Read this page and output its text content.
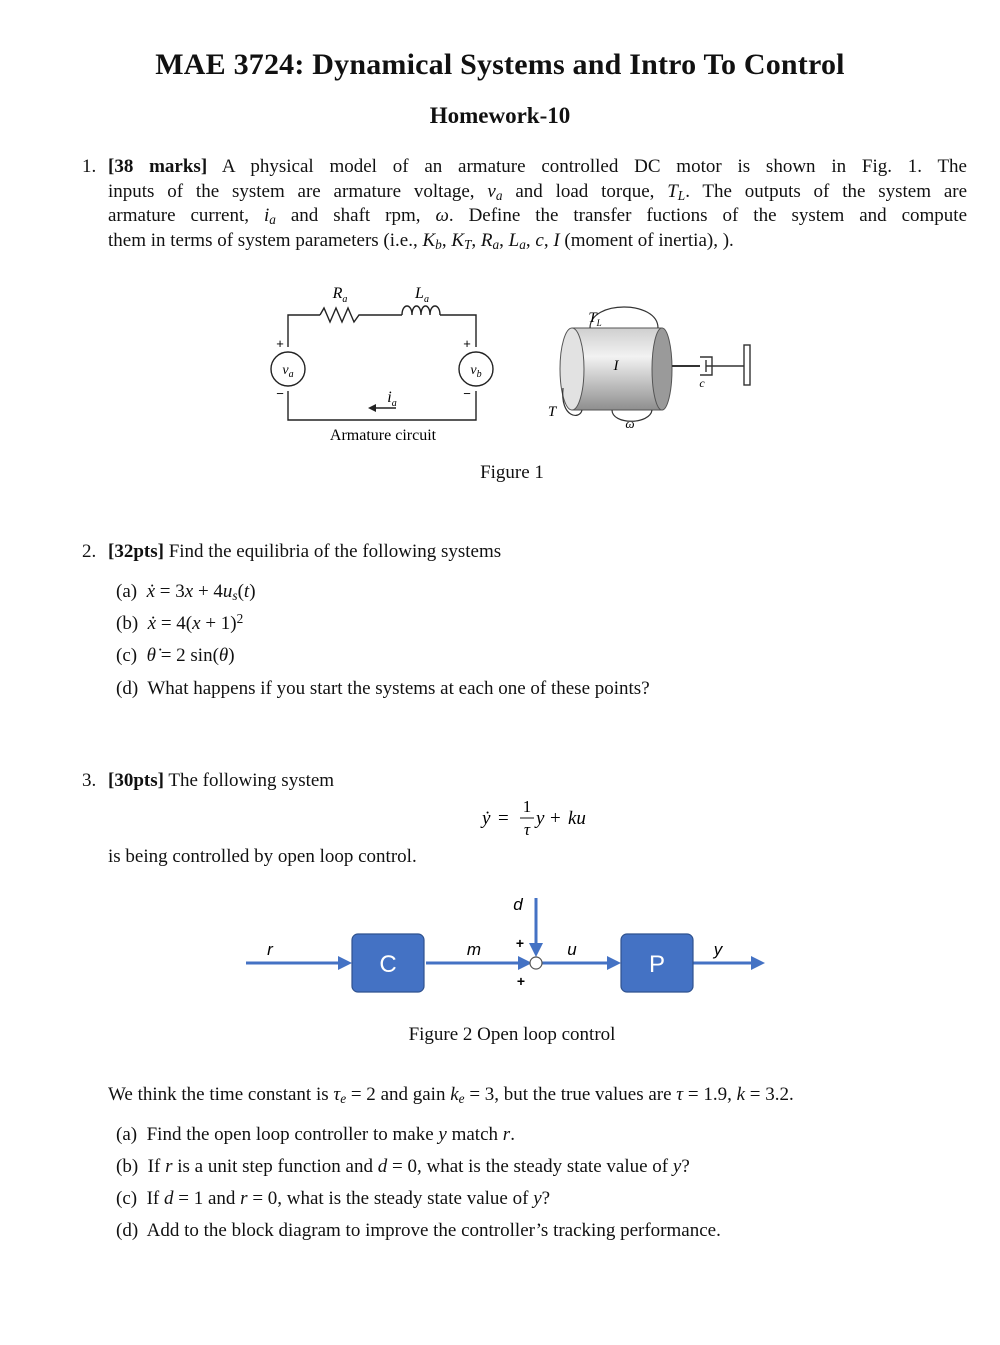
MAE 3724: Dynamical Systems and Intro To Control
Homework-10
1. [38 marks] A physical model of an armature controlled DC motor is shown in Fig. 1. The
inputs of the system are armature voltage, $v_a$ and load torque, $T_L$. The outputs of the system are
armature current, $i_a$ and shaft rpm, ω. Define the transfer fuctions of the system and compute
them in terms of system parameters (i.e., $K_b$, $K_T$, $R_a$, $L_a$, c, I (moment of inertia), ).
$v_a$	$v_b$
+
−
+
−
$R_a$	$L_a$
$i_a$
Armature circuit
$T_L$
I
T
ω
c
Figure 1
2. [32pts] Find the equilibria of the following systems
(a) ẋ = $3x + 4u_s(t)$
(b) ẋ = $4(x + 1)^2$
(c) θ̇ = 2 sin(θ)
(d) What happens if you start the systems at each one of these points?
3. [30pts] The following system
is being controlled by open loop control.
ẏ =
1
τ
y + ku
C	P
r	m
d
u	y
+
+
Figure 2 Open loop control
We think the time constant is $\tau_e = 2$ and gain $k_e = 3$, but the true values are τ = 1.9, k = 3.2.
(a) Find the open loop controller to make y match r.
(b) If r is a unit step function and d = 0, what is the steady state value of y?
(c) If d = 1 and r = 0, what is the steady state value of y?
(d) Add to the block diagram to improve the controller’s tracking performance.
